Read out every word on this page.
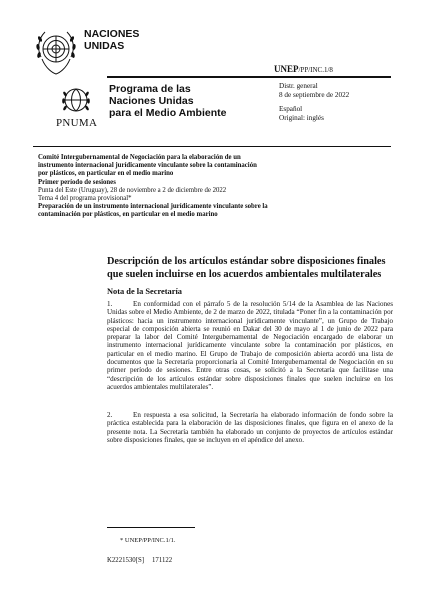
NACIONES
UNIDAS
UNEP/PP/INC.1/8
PNUMA
Programa de las
Naciones Unidas
para el Medio Ambiente
Distr. general
8 de septiembre de 2022
Español
Original: inglés
Comité Intergubernamental de Negociación para la elaboración de un instrumento internacional jurídicamente vinculante sobre la contaminación por plásticos, en particular en el medio marino
Primer período de sesiones
Punta del Este (Uruguay), 28 de noviembre a 2 de diciembre de 2022
Tema 4 del programa provisional*
Preparación de un instrumento internacional jurídicamente vinculante sobre la contaminación por plásticos, en particular en el medio marino
Descripción de los artículos estándar sobre disposiciones finales que suelen incluirse en los acuerdos ambientales multilaterales
Nota de la Secretaría
1.	En conformidad con el párrafo 5 de la resolución 5/14 de la Asamblea de las Naciones Unidas sobre el Medio Ambiente, de 2 de marzo de 2022, titulada “Poner fin a la contaminación por plásticos: hacia un instrumento internacional jurídicamente vinculante”, un Grupo de Trabajo especial de composición abierta se reunió en Dakar del 30 de mayo al 1 de junio de 2022 para preparar la labor del Comité Intergubernamental de Negociación encargado de elaborar un instrumento internacional jurídicamente vinculante sobre la contaminación por plásticos, en particular en el medio marino. El Grupo de Trabajo de composición abierta acordó una lista de documentos que la Secretaría proporcionaría al Comité Intergubernamental de Negociación en su primer período de sesiones. Entre otras cosas, se solicitó a la Secretaría que facilitase una “descripción de los artículos estándar sobre disposiciones finales que suelen incluirse en los acuerdos ambientales multilaterales”.
2.	En respuesta a esa solicitud, la Secretaría ha elaborado información de fondo sobre la práctica establecida para la elaboración de las disposiciones finales, que figura en el anexo de la presente nota. La Secretaría también ha elaborado un conjunto de proyectos de artículos estándar sobre disposiciones finales, que se incluyen en el apéndice del anexo.
* UNEP/PP/INC.1/1.
K2221530[S] 171122
